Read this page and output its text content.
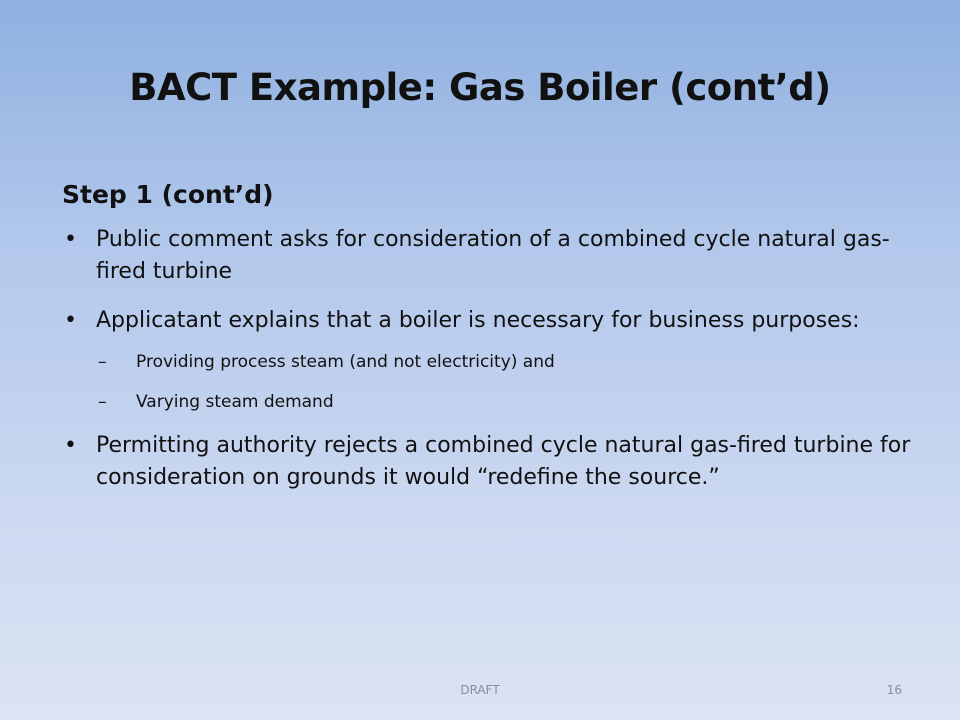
BACT Example: Gas Boiler (cont’d)
Step 1 (cont’d)
• Public comment asks for consideration of a combined cycle natural gas-fired turbine
• Applicatant explains that a boiler is necessary for business purposes:
– Providing process steam (and not electricity) and
– Varying steam demand
• Permitting authority rejects a combined cycle natural gas-fired turbine for consideration on grounds it would “redefine the source.”
DRAFT	16
